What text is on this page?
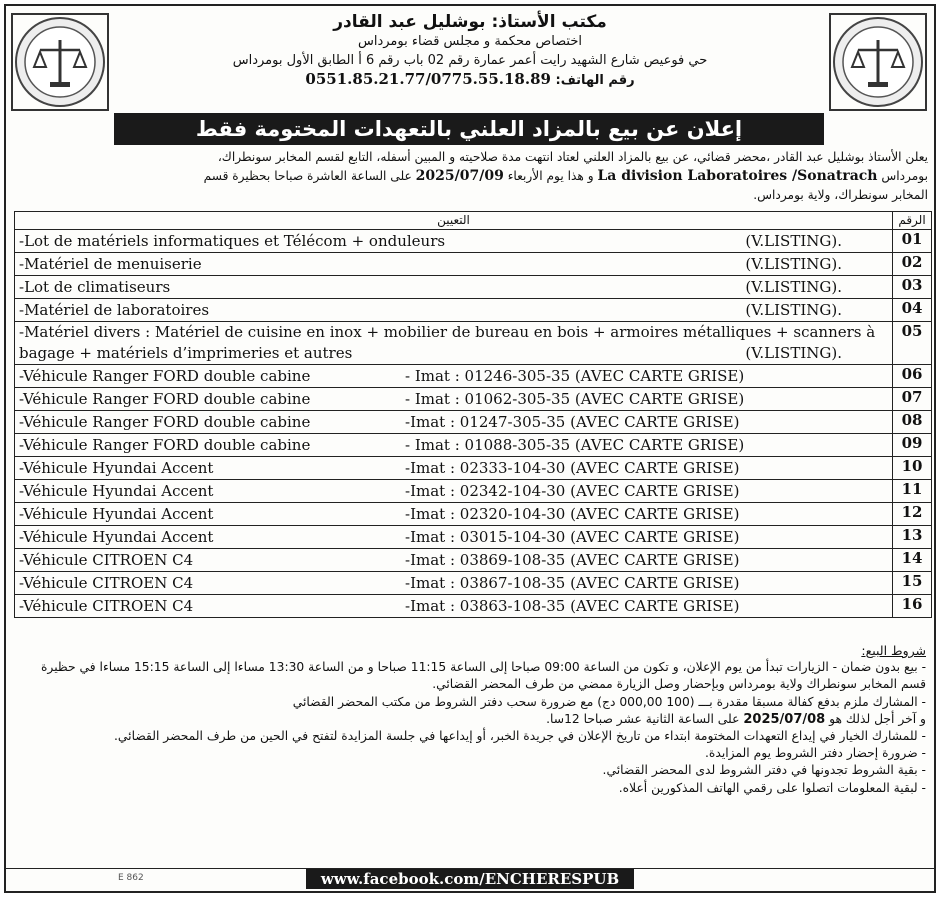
مكتب الأستاذ: بوشليل عبد القادر
اختصاص محكمة و مجلس قضاء بومرداس
حي فوعيص شارع الشهيد رايت أعمر عمارة رقم 02 باب رقم 6 أ الطابق الأول بومرداس
رقم الهاتف: 0551.85.21.77/0775.55.18.89
إعلان عن بيع بالمزاد العلني بالتعهدات المختومة فقط
يعلن الأستاذ بوشليل عبد القادر ،محضر قضائي، عن بيع بالمزاد العلني لعتاد انتهت مدة صلاحيته و المبين أسفله، التابع لقسم المخابر سونطراك،
بومرداس La division Laboratoires /Sonatrach و هذا يوم الأربعاء 2025/07/09 على الساعة العاشرة صباحا بحظيرة قسم
المخابر سونطراك، ولاية بومرداس.
التعيين	الرقم
-Lot de matériels informatiques et Télécom + onduleurs (V.LISTING).	01
-Matériel de menuiserie (V.LISTING).	02
-Lot de climatiseurs (V.LISTING).	03
-Matériel de laboratoires (V.LISTING).	04
-Matériel divers : Matériel de cuisine en inox + mobilier de bureau en bois + armoires métalliques + scanners à bagage + matériels d’imprimeries et autres (V.LISTING).	05
-Véhicule Ranger FORD double cabine - Imat : 01246-305-35 (AVEC CARTE GRISE)	06
-Véhicule Ranger FORD double cabine - Imat : 01062-305-35 (AVEC CARTE GRISE)	07
-Véhicule Ranger FORD double cabine -Imat : 01247-305-35 (AVEC CARTE GRISE)	08
-Véhicule Ranger FORD double cabine - Imat : 01088-305-35 (AVEC CARTE GRISE)	09
-Véhicule Hyundai Accent -Imat : 02333-104-30 (AVEC CARTE GRISE)	10
-Véhicule Hyundai Accent -Imat : 02342-104-30 (AVEC CARTE GRISE)	11
-Véhicule Hyundai Accent -Imat : 02320-104-30 (AVEC CARTE GRISE)	12
-Véhicule Hyundai Accent -Imat : 03015-104-30 (AVEC CARTE GRISE)	13
-Véhicule CITROEN C4 -Imat : 03869-108-35 (AVEC CARTE GRISE)	14
-Véhicule CITROEN C4 -Imat : 03867-108-35 (AVEC CARTE GRISE)	15
-Véhicule CITROEN C4 -Imat : 03863-108-35 (AVEC CARTE GRISE)	16
شروط البيع:
- بيع بدون ضمان - الزيارات تبدأ من يوم الإعلان، و تكون من الساعة 09:00 صباحا إلى الساعة 11:15 صباحا و من الساعة 13:30 مساءا إلى الساعة 15:15 مساءا في حظيرة قسم المخابر سونطراك ولاية بومرداس وبإحضار وصل الزيارة ممضي من طرف المحضر القضائي.
- المشارك ملزم بدفع كفالة مسبقا مقدرة بـــ (100 000,00 دج) مع ضرورة سحب دفتر الشروط من مكتب المحضر القضائي
و آخر أجل لذلك هو 2025/07/08 على الساعة الثانية عشر صباحا 12سا.
- للمشارك الخيار في إيداع التعهدات المختومة ابتداء من تاريخ الإعلان في جريدة الخبر، أو إيداعها في جلسة المزايدة لتفتح في الحين من طرف المحضر القضائي.
- ضرورة إحضار دفتر الشروط يوم المزايدة.
- بقية الشروط تجدونها في دفتر الشروط لدى المحضر القضائي.
- لبقية المعلومات اتصلوا على رقمي الهاتف المذكورين أعلاه.
E 862	www.facebook.com/ENCHERESPUB
